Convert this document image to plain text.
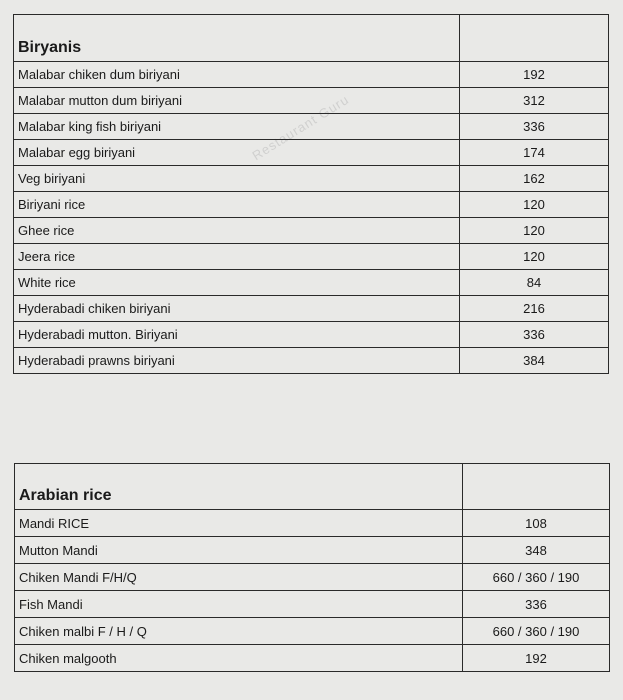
Restaurant Guru
Biryanis	
Malabar chiken dum biriyani	192
Malabar mutton dum biriyani	312
Malabar king fish biriyani	336
Malabar egg biriyani	174
Veg biriyani	162
Biriyani rice	120
Ghee rice	120
Jeera rice	120
White rice	84
Hyderabadi chiken biriyani	216
Hyderabadi mutton. Biriyani	336
Hyderabadi prawns biriyani	384
Arabian rice	
Mandi RICE	108
Mutton Mandi	348
Chiken Mandi F/H/Q	660 / 360 / 190
Fish Mandi	336
Chiken malbi F / H / Q	660 / 360 / 190
Chiken malgooth	192
